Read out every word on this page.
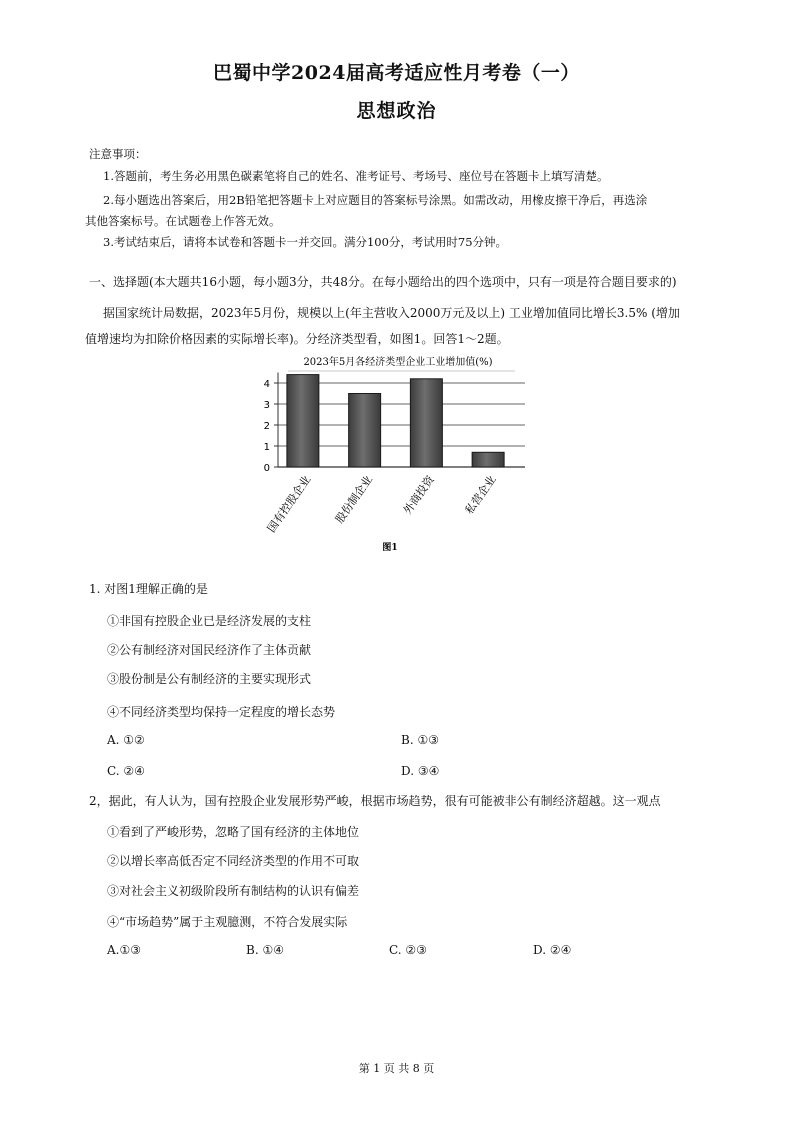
巴蜀中学2024届高考适应性月考卷（一）
思想政治
注意事项：
1.答题前，考生务必用黑色碳素笔将自己的姓名、准考证号、考场号、座位号在答题卡上填写清楚。
2.每小题选出答案后，用2B铅笔把答题卡上对应题目的答案标号涂黑。如需改动，用橡皮擦干净后，再选涂
其他答案标号。在试题卷上作答无效。
3.考试结束后，请将本试卷和答题卡一并交回。满分100分，考试用时75分钟。
一、选择题(本大题共16小题，每小题3分，共48分。在每小题给出的四个选项中，只有一项是符合题目要求的)
据国家统计局数据，2023年5月份，规模以上(年主营收入2000万元及以上) 工业增加值同比增长3.5% (增加
值增速均为扣除价格因素的实际增长率)。分经济类型看，如图1。回答1～2题。
2023年5月各经济类型企业工业增加值(%)
0
1
2
3
4
国有控股企业 股份制企业 外商投资 私营企业
图1
1. 对图1理解正确的是
①非国有控股企业已是经济发展的支柱
②公有制经济对国民经济作了主体贡献
③股份制是公有制经济的主要实现形式
④不同经济类型均保持一定程度的增长态势
A. ①②	B. ①③
C. ②④	D. ③④
2，据此，有人认为，国有控股企业发展形势严峻，根据市场趋势，很有可能被非公有制经济超越。这一观点
①看到了严峻形势，忽略了国有经济的主体地位
②以增长率高低否定不同经济类型的作用不可取
③对社会主义初级阶段所有制结构的认识有偏差
④“市场趋势”属于主观臆测，不符合发展实际
A.①③	B. ①④	C. ②③	D. ②④
第 1 页 共 8 页
